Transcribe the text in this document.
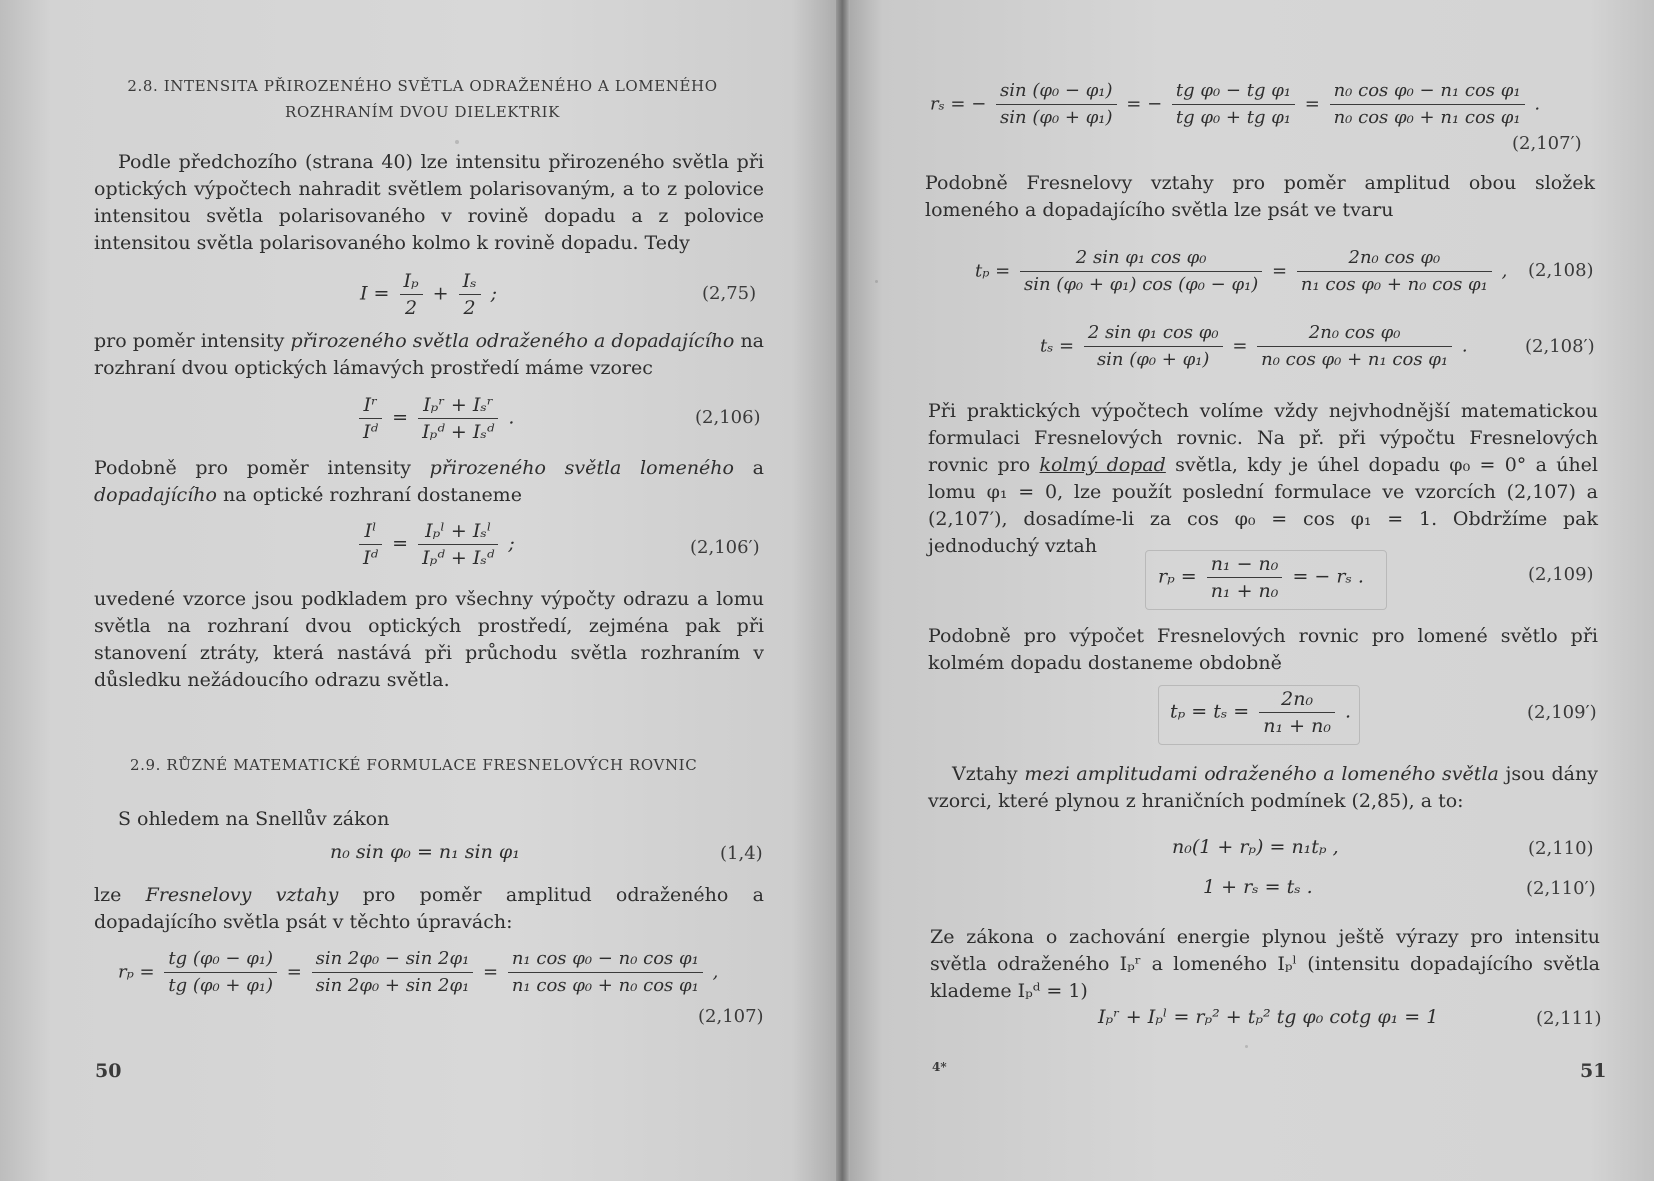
2.8. INTENSITA PŘIROZENÉHO SVĚTLA ODRAŽENÉHO A LOMENÉHO
ROZHRANÍM DVOU DIELEKTRIK
Podle předchozího (strana 40) lze intensitu přirozeného světla při optických výpočtech nahradit světlem polarisovaným, a to z polovice intensitou světla polarisovaného v rovině dopadu a z polovice intensitou světla polarisovaného kolmo k rovině dopadu. Tedy
$I = \frac{\text{Iₚ}}{2} + \frac{\text{Iₛ}}{2}$ ;	(2,75)
pro poměr intensity přirozeného světla odraženého a dopadajícího na rozhraní dvou optických lámavých prostředí máme vzorec
$\frac{\text{Iʳ}}{\text{Iᵈ}} = \frac{\text{Iₚʳ + Iₛʳ}}{\text{Iₚᵈ + Iₛᵈ}}$ .	(2,106)
Podobně pro poměr intensity přirozeného světla lomeného a dopadajícího na optické rozhraní dostaneme
$\frac{\text{Iˡ}}{\text{Iᵈ}} = \frac{\text{Iₚˡ + Iₛˡ}}{\text{Iₚᵈ + Iₛᵈ}}$ ;	(2,106′)
uvedené vzorce jsou podkladem pro všechny výpočty odrazu a lomu světla na rozhraní dvou optických prostředí, zejména pak při stanovení ztráty, která nastává při průchodu světla rozhraním v důsledku nežádoucího odrazu světla.
2.9. RŮZNÉ MATEMATICKÉ FORMULACE FRESNELOVÝCH ROVNIC
S ohledem na Snellův zákon
n₀ sin φ₀ = n₁ sin φ₁	(1,4)
lze Fresnelovy vztahy pro poměr amplitud odraženého a dopadajícího světla psát v těchto úpravách:
$r_p = \frac{\text{tg (φ₀ − φ₁)}}{\text{tg (φ₀ + φ₁)}} = \frac{\text{sin 2φ₀ − sin 2φ₁}}{\text{sin 2φ₀ + sin 2φ₁}} = \frac{\text{n₁ cos φ₀ − n₀ cos φ₁}}{\text{n₁ cos φ₀ + n₀ cos φ₁}}$ ,
(2,107)
50
rₛ = − $\frac{\text{sin (φ₀ − φ₁)}}{\text{sin (φ₀ + φ₁)}}$ = − $\frac{\text{tg φ₀ − tg φ₁}}{\text{tg φ₀ + tg φ₁}} = \frac{\text{n₀ cos φ₀ − n₁ cos φ₁}}{\text{n₀ cos φ₀ + n₁ cos φ₁}}$ .
(2,107′)
Podobně Fresnelovy vztahy pro poměr amplitud obou složek lomeného a dopadajícího světla lze psát ve tvaru
$t_p = \frac{\text{2 sin φ₁ cos φ₀}}{\text{sin (φ₀ + φ₁) cos (φ₀ − φ₁)}} = \frac{\text{2n₀ cos φ₀}}{\text{n₁ cos φ₀ + n₀ cos φ₁}}$ , (2,108)
$t_s = \frac{\text{2 sin φ₁ cos φ₀}}{\text{sin (φ₀ + φ₁)}} = \frac{\text{2n₀ cos φ₀}}{\text{n₀ cos φ₀ + n₁ cos φ₁}}$ .	(2,108′)
Při praktických výpočtech volíme vždy nejvhodnější matematickou formulaci Fresnelových rovnic. Na př. při výpočtu Fresnelových rovnic pro kolmý dopad světla, kdy je úhel dopadu φ₀ = 0° a úhel lomu φ₁ = 0, lze použít poslední formulace ve vzorcích (2,107) a (2,107′), dosadíme-li za cos φ₀ = cos φ₁ = 1. Obdržíme pak jednoduchý vztah
$r_p = \frac{\text{n₁ − n₀}}{\text{n₁ + n₀}}$ = − rₛ .	(2,109)
Podobně pro výpočet Fresnelových rovnic pro lomené světlo při kolmém dopadu dostaneme obdobně
$t_p = t_s = \frac{\text{2n₀}}{\text{n₁ + n₀}}$ .	(2,109′)
Vztahy mezi amplitudami odraženého a lomeného světla jsou dány vzorci, které plynou z hraničních podmínek (2,85), a to:
n₀(1 + rₚ) = n₁tₚ ,	(2,110)
1 + rₛ = tₛ .	(2,110′)
Ze zákona o zachování energie plynou ještě výrazy pro intensitu světla odraženého Iₚʳ a lomeného Iₚˡ (intensitu dopadajícího světla klademe Iₚᵈ = 1)
Iₚʳ + Iₚˡ = rₚ² + tₚ² tg φ₀ cotg φ₁ = 1	(2,111)
4*	51
